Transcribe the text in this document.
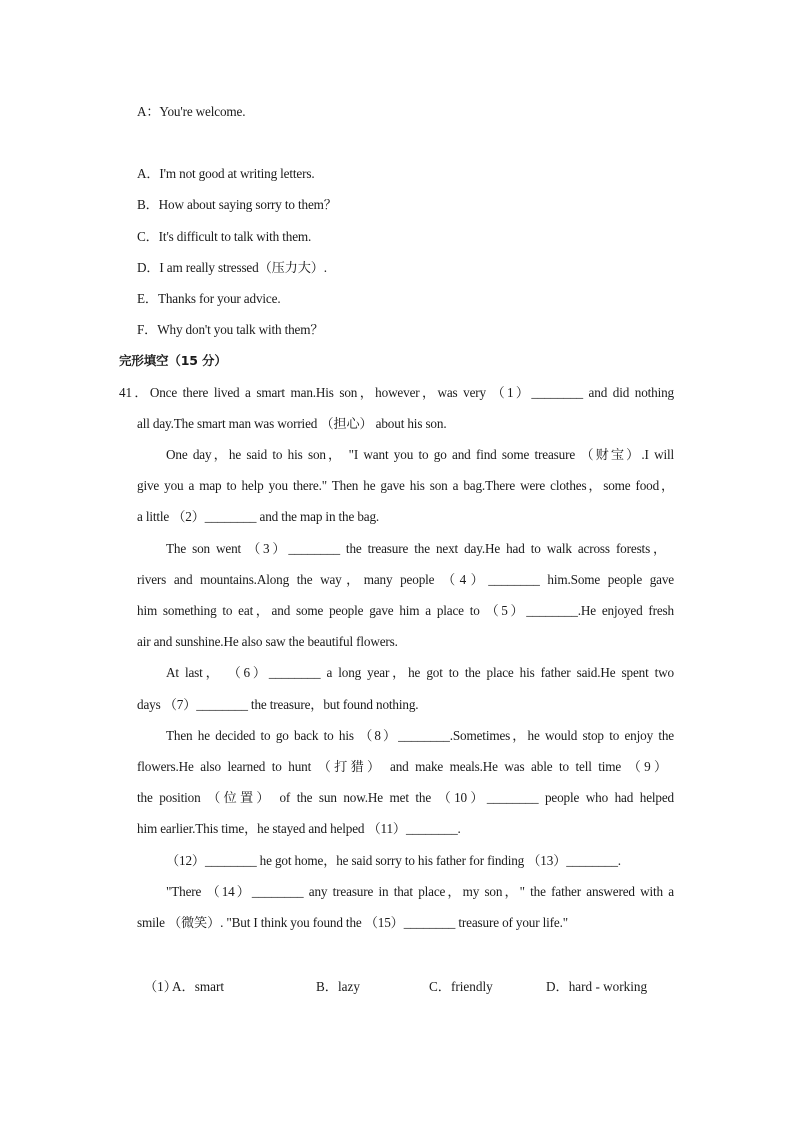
A：You're welcome.
A．I'm not good at writing letters.
B．How about saying sorry to them？
C．It's difficult to talk with them.
D．I am really stressed（压力大）.
E．Thanks for your advice.
F．Why don't you talk with them？
完形填空（15 分）
41．Once there lived a smart man.His son，however，was very （1）________ and did nothing
all day.The smart man was worried （担心） about his son.
One day，he said to his son， "I want you to go and find some treasure （财宝）.I will
give you a map to help you there." Then he gave his son a bag.There were clothes，some food，
a little （2）________ and the map in the bag.
The son went （3）________ the treasure the next day.He had to walk across forests，
rivers and mountains.Along the way，many people （4）________ him.Some people gave
him something to eat，and some people gave him a place to （5）________.He enjoyed fresh
air and sunshine.He also saw the beautiful flowers.
At last， （6）________ a long year，he got to the place his father said.He spent two
days （7）________ the treasure，but found nothing.
Then he decided to go back to his （8）________.Sometimes，he would stop to enjoy the
flowers.He also learned to hunt （打猎） and make meals.He was able to tell time （9）
the position （位置） of the sun now.He met the （10）________ people who had helped
him earlier.This time，he stayed and helped （11）________.
（12）________ he got home，he said sorry to his father for finding （13）________.
"There （14）________ any treasure in that place，my son，" the father answered with a
smile （微笑）. "But I think you found the （15）________ treasure of your life."
（1）
A．smart	B．lazy	C．friendly	D．hard - working
